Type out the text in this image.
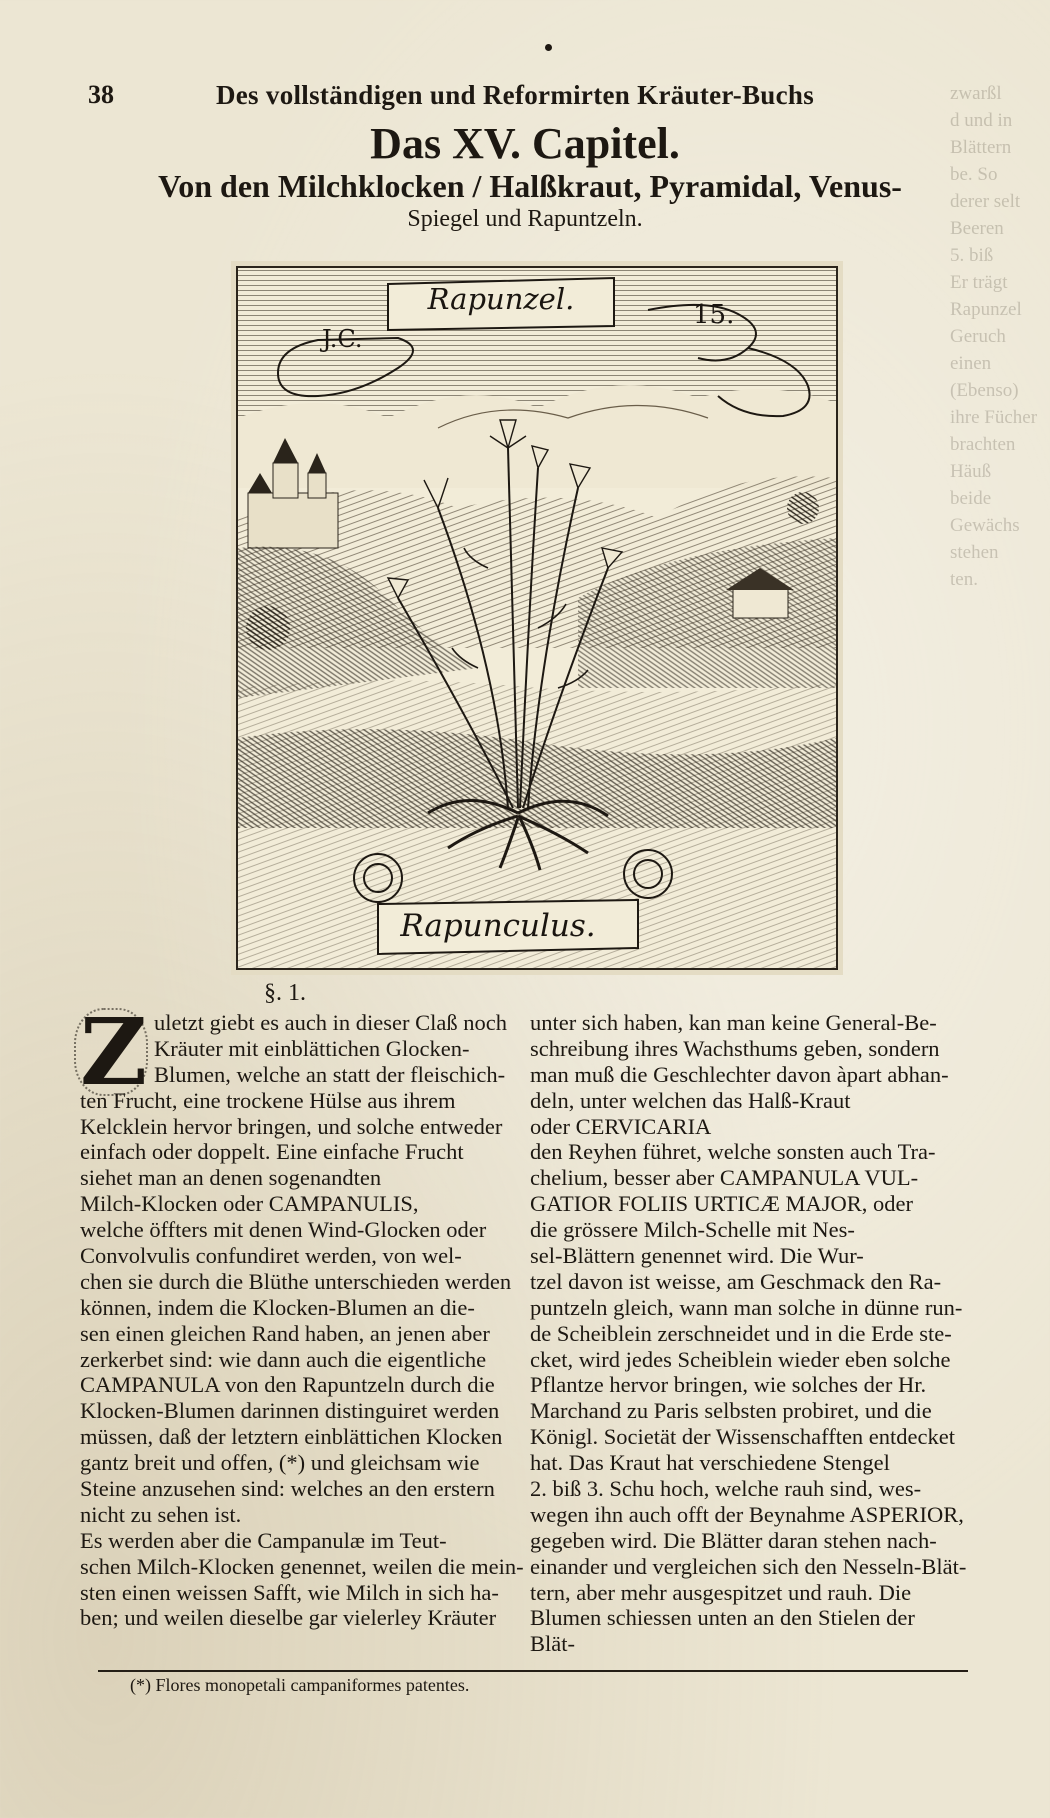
zwarßl
d und in
Blättern
be. So
derer selt
Beeren
5. biß
Er trägt
Rapunzel
Geruch
einen
(Ebenso)
ihre Fücher
brachten
Häuß
beide
Gewächs
stehen
ten.
38	Des vollständigen und Reformirten Kräuter-Buchs
Das XV. Capitel.
Von den Milchklocken / Halßkraut, Pyramidal, Venus-
Spiegel und Rapuntzeln.
Rapunzel.
J.C.
15.
Rapunculus.
§. 1.
Z uletzt giebt es auch in dieser Claß noch
Kräuter mit einblättichen Glocken-
Blumen, welche an statt der fleischich-
ten Frucht, eine trockene Hülse aus ihrem
Kelcklein hervor bringen, und solche entweder
einfach oder doppelt. Eine einfache Frucht
siehet man an denen sogenandten
Milch-Klocken oder CAMPANULIS,
welche öffters mit denen Wind-Glocken oder
Convolvulis confundiret werden, von wel-
chen sie durch die Blüthe unterschieden werden
können, indem die Klocken-Blumen an die-
sen einen gleichen Rand haben, an jenen aber
zerkerbet sind: wie dann auch die eigentliche
CAMPANULA von den Rapuntzeln durch die
Klocken-Blumen darinnen distinguiret werden
müssen, daß der letztern einblättichen Klocken
gantz breit und offen, (*) und gleichsam wie
Steine anzusehen sind: welches an den erstern
nicht zu sehen ist.
Es werden aber die Campanulæ im Teut-
schen Milch-Klocken genennet, weilen die mein-
sten einen weissen Safft, wie Milch in sich ha-
ben; und weilen dieselbe gar vielerley Kräuter
unter sich haben, kan man keine General-Be-
schreibung ihres Wachsthums geben, sondern
man muß die Geschlechter davon àpart abhan-
deln, unter welchen das Halß-Kraut
oder CERVICARIA
den Reyhen führet, welche sonsten auch Tra-
chelium, besser aber CAMPANULA VUL-
GATIOR FOLIIS URTICÆ MAJOR, oder
die grössere Milch-Schelle mit Nes-
sel-Blättern genennet wird. Die Wur-
tzel davon ist weisse, am Geschmack den Ra-
puntzeln gleich, wann man solche in dünne run-
de Scheiblein zerschneidet und in die Erde ste-
cket, wird jedes Scheiblein wieder eben solche
Pflantze hervor bringen, wie solches der Hr.
Marchand zu Paris selbsten probiret, und die
Königl. Societät der Wissenschafften entdecket
hat. Das Kraut hat verschiedene Stengel
2. biß 3. Schu hoch, welche rauh sind, wes-
wegen ihn auch offt der Beynahme ASPERIOR,
gegeben wird. Die Blätter daran stehen nach-
einander und vergleichen sich den Nesseln-Blät-
tern, aber mehr ausgespitzet und rauh. Die
Blumen schiessen unten an den Stielen der
Blät-
(*) Flores monopetali campaniformes patentes.
